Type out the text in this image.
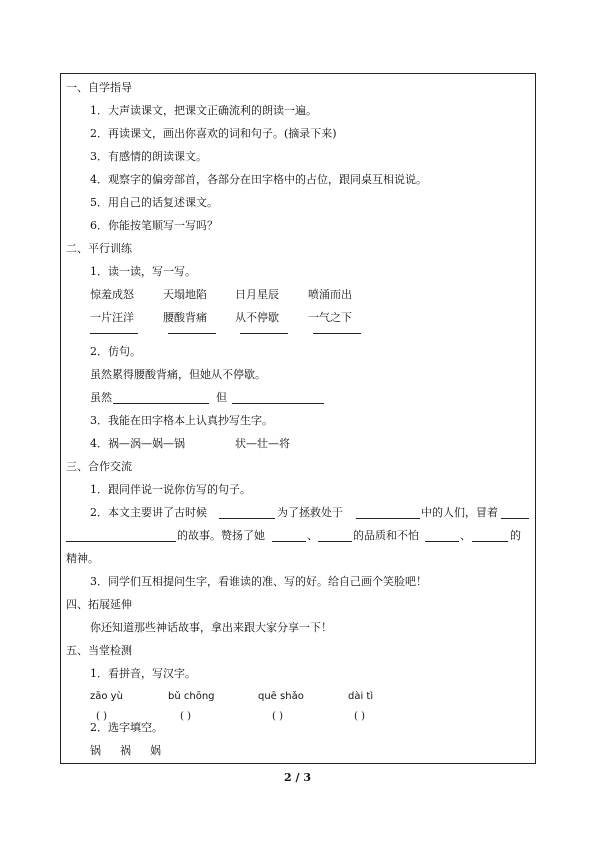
一、自学指导
1．大声读课文，把课文正确流利的朗读一遍。
2．再读课文，画出你喜欢的词和句子。(摘录下来)
3．有感情的朗读课文。
4．观察字的偏旁部首，各部分在田字格中的占位，跟同桌互相说说。
5．用自己的话复述课文。
6．你能按笔顺写一写吗？
二、平行训练
1．读一读，写一写。
惊羞成怒	天塌地陷	日月星辰	喷涌而出
一片汪洋	腰酸背痛	从不停歇	一气之下
2．仿句。
虽然累得腰酸背痛，但她从不停歇。
虽然	但
3．我能在田字格本上认真抄写生字。
4．祸—涡—娲—锅	状—壮—将
三、合作交流
1．跟同伴说一说你仿写的句子。
2．本文主要讲了古时候	为了拯救处于	中的人们，冒着
的故事。赞扬了她	、	的品质和不怕	、	的
精神。
3．同学们互相提问生字，看谁读的准、写的好。给自己画个笑脸吧！
四、拓展延伸
你还知道那些神话故事，拿出来跟大家分享一下！
五、当堂检测
1．看拼音，写汉字。
zāo yù	bǔ chōng	quē shǎo	dài tì
( )	( )	( )	( )
2．选字填空。
锅 祸 娲
2 / 3
